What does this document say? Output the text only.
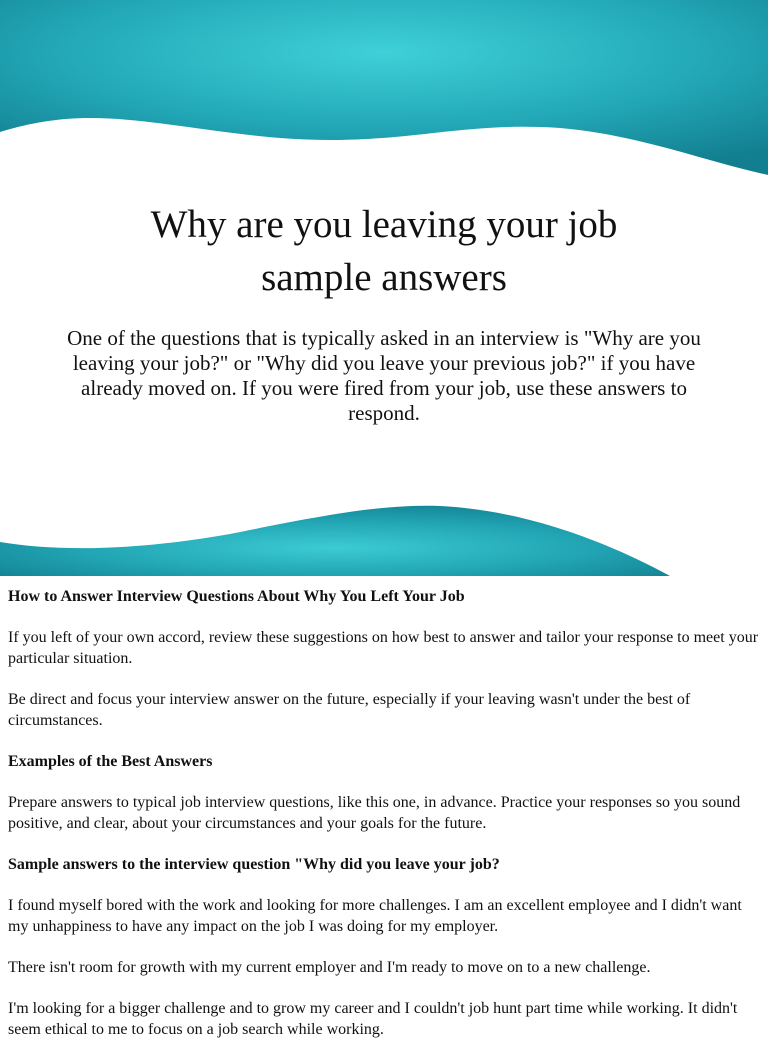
Why are you leaving your job
sample answers

One of the questions that is typically asked in an interview is "Why are you leaving your job?" or "Why did you leave your previous job?" if you have already moved on. If you were fired from your job, use these answers to respond.

How to Answer Interview Questions About Why You Left Your Job

If you left of your own accord, review these suggestions on how best to answer and tailor your response to meet your particular situation.

Be direct and focus your interview answer on the future, especially if your leaving wasn't under the best of circumstances.

Examples of the Best Answers

Prepare answers to typical job interview questions, like this one, in advance. Practice your responses so you sound positive, and clear, about your circumstances and your goals for the future.

Sample answers to the interview question "Why did you leave your job?

I found myself bored with the work and looking for more challenges. I am an excellent employee and I didn't want my unhappiness to have any impact on the job I was doing for my employer.

There isn't room for growth with my current employer and I'm ready to move on to a new challenge.

I'm looking for a bigger challenge and to grow my career and I couldn't job hunt part time while working. It didn't seem ethical to me to focus on a job search while working.
